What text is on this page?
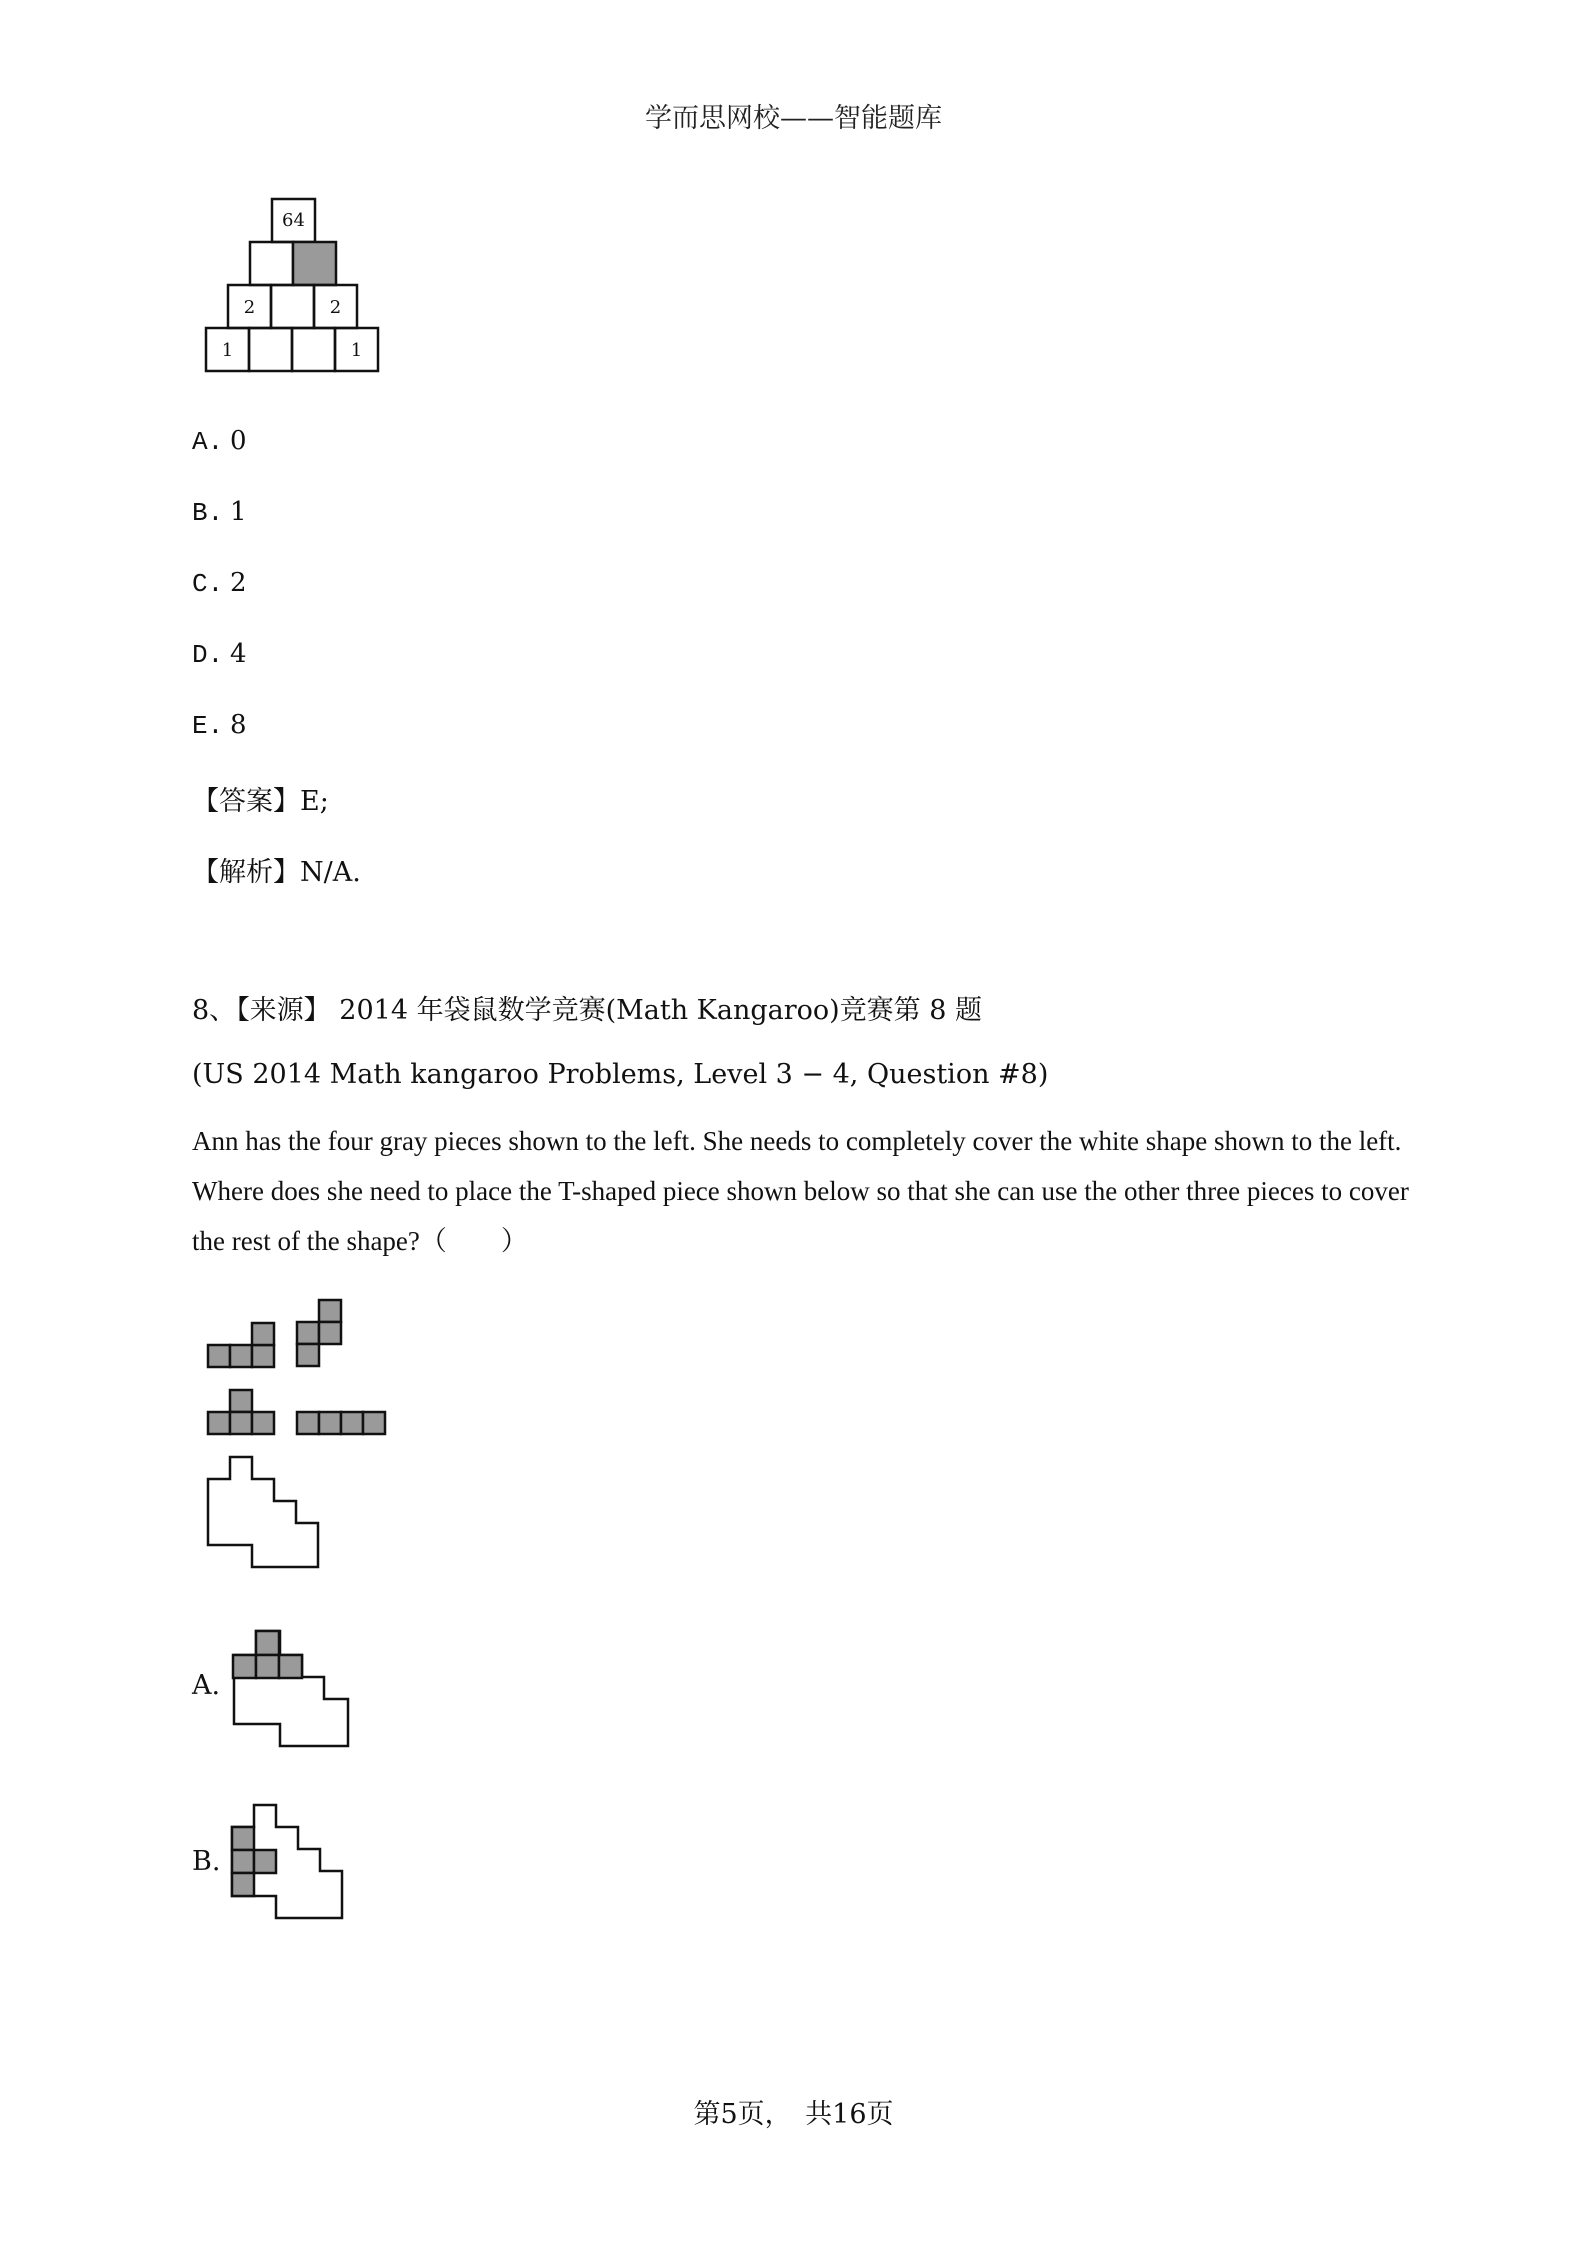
学而思网校——智能题库
64
2	2
1	1
A. 0
B. 1
C. 2
D. 4
E. 8
【答案】E;
【解析】N/A.
8、【来源】 2014 年袋鼠数学竞赛(Math Kangaroo)竞赛第 8 题
(US 2014 Math kangaroo Problems, Level 3 − 4, Question #8)
Ann has the four gray pieces shown to the left. She needs to completely cover the white shape shown to the left. Where does she need to place the T-shaped piece shown below so that she can use the other three pieces to cover the rest of the shape?（　　）
A.
B.
第5页，　共16页
